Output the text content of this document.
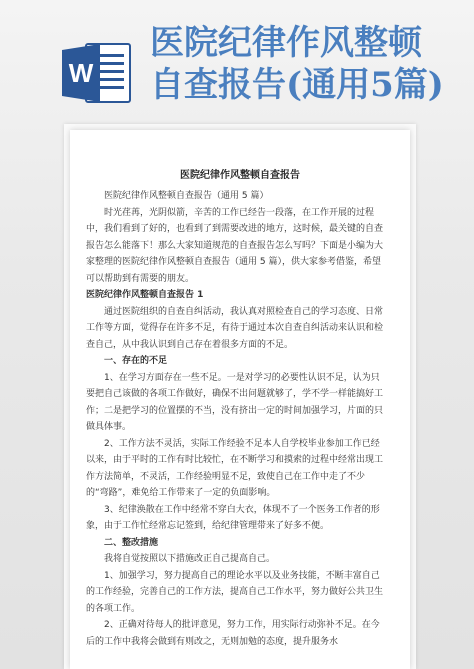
W
医院纪律作风整顿
自查报告(通用5篇)
医院纪律作风整顿自查报告

医院纪律作风整顿自查报告（通用 5 篇）

时光荏苒，光阴似箭，辛苦的工作已经告一段落，在工作开展的过程中，我们看到了好的，也看到了到需要改进的地方，这时候，最关键的自查报告怎么能落下！那么大家知道规范的自查报告怎么写吗？下面是小编为大家整理的医院纪律作风整顿自查报告（通用 5 篇），供大家参考借鉴，希望可以帮助到有需要的朋友。

医院纪律作风整顿自查报告 1

通过医院组织的自查自纠活动，我认真对照检查自己的学习态度、日常工作等方面，觉得存在许多不足，有待于通过本次自查自纠活动来认识和检查自己，从中我认识到自己存在着很多方面的不足。

一、存在的不足

1、在学习方面存在一些不足。一是对学习的必要性认识不足，认为只要把自己该做的各项工作做好，确保不出问题就够了，学不学一样能搞好工作；二是把学习的位置摆的不当，没有挤出一定的时间加强学习，片面的只做具体事。

2、工作方法不灵活，实际工作经验不足本人自学校毕业参加工作已经以来，由于平时的工作有时比较忙，在不断学习和摸索的过程中经常出现工作方法简单，不灵活，工作经验明显不足，致使自己在工作中走了不少的“弯路”，难免给工作带来了一定的负面影响。

3、纪律涣散在工作中经常不穿白大衣，体现不了一个医务工作者的形象，由于工作忙经常忘记签到，给纪律管理带来了好多不便。

二、整改措施

我将自觉按照以下措施改正自己提高自己。

1、加强学习，努力提高自己的理论水平以及业务技能，不断丰富自己的工作经验，完善自己的工作方法，提高自己工作水平，努力做好公共卫生的各项工作。

2、正确对待每人的批评意见，努力工作，用实际行动弥补不足。在今后的工作中我将会做到有则改之，无则加勉的态度，提升服务水
